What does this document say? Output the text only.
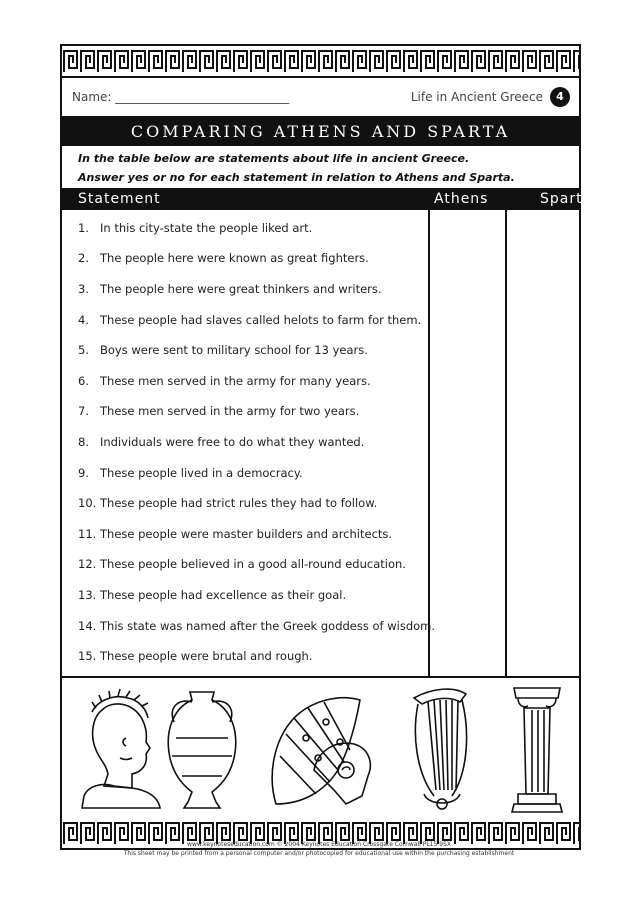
Name: _____________________________	Life in Ancient Greece	4
COMPARING ATHENS AND SPARTA
In the table below are statements about life in ancient Greece.
Answer yes or no for each statement in relation to Athens and Sparta.
Statement	Athens	Sparta
1. In this city-state the people liked art.
2. The people here were known as great fighters.
3. The people here were great thinkers and writers.
4. These people had slaves called helots to farm for them.
5. Boys were sent to military school for 13 years.
6. These men served in the army for many years.
7. These men served in the army for two years.
8. Individuals were free to do what they wanted.
9. These people lived in a democracy.
10. These people had strict rules they had to follow.
11. These people were master builders and architects.
12. These people believed in a good all-round education.
13. These people had excellence as their goal.
14. This state was named after the Greek goddess of wisdom.
15. These people were brutal and rough.
www.keynoteseducation.com © 2004 Keynotes Education Crossgate Cornwall PL15 9SX
This sheet may be printed from a personal computer and/or photocopied for educational use within the purchasing establishment
